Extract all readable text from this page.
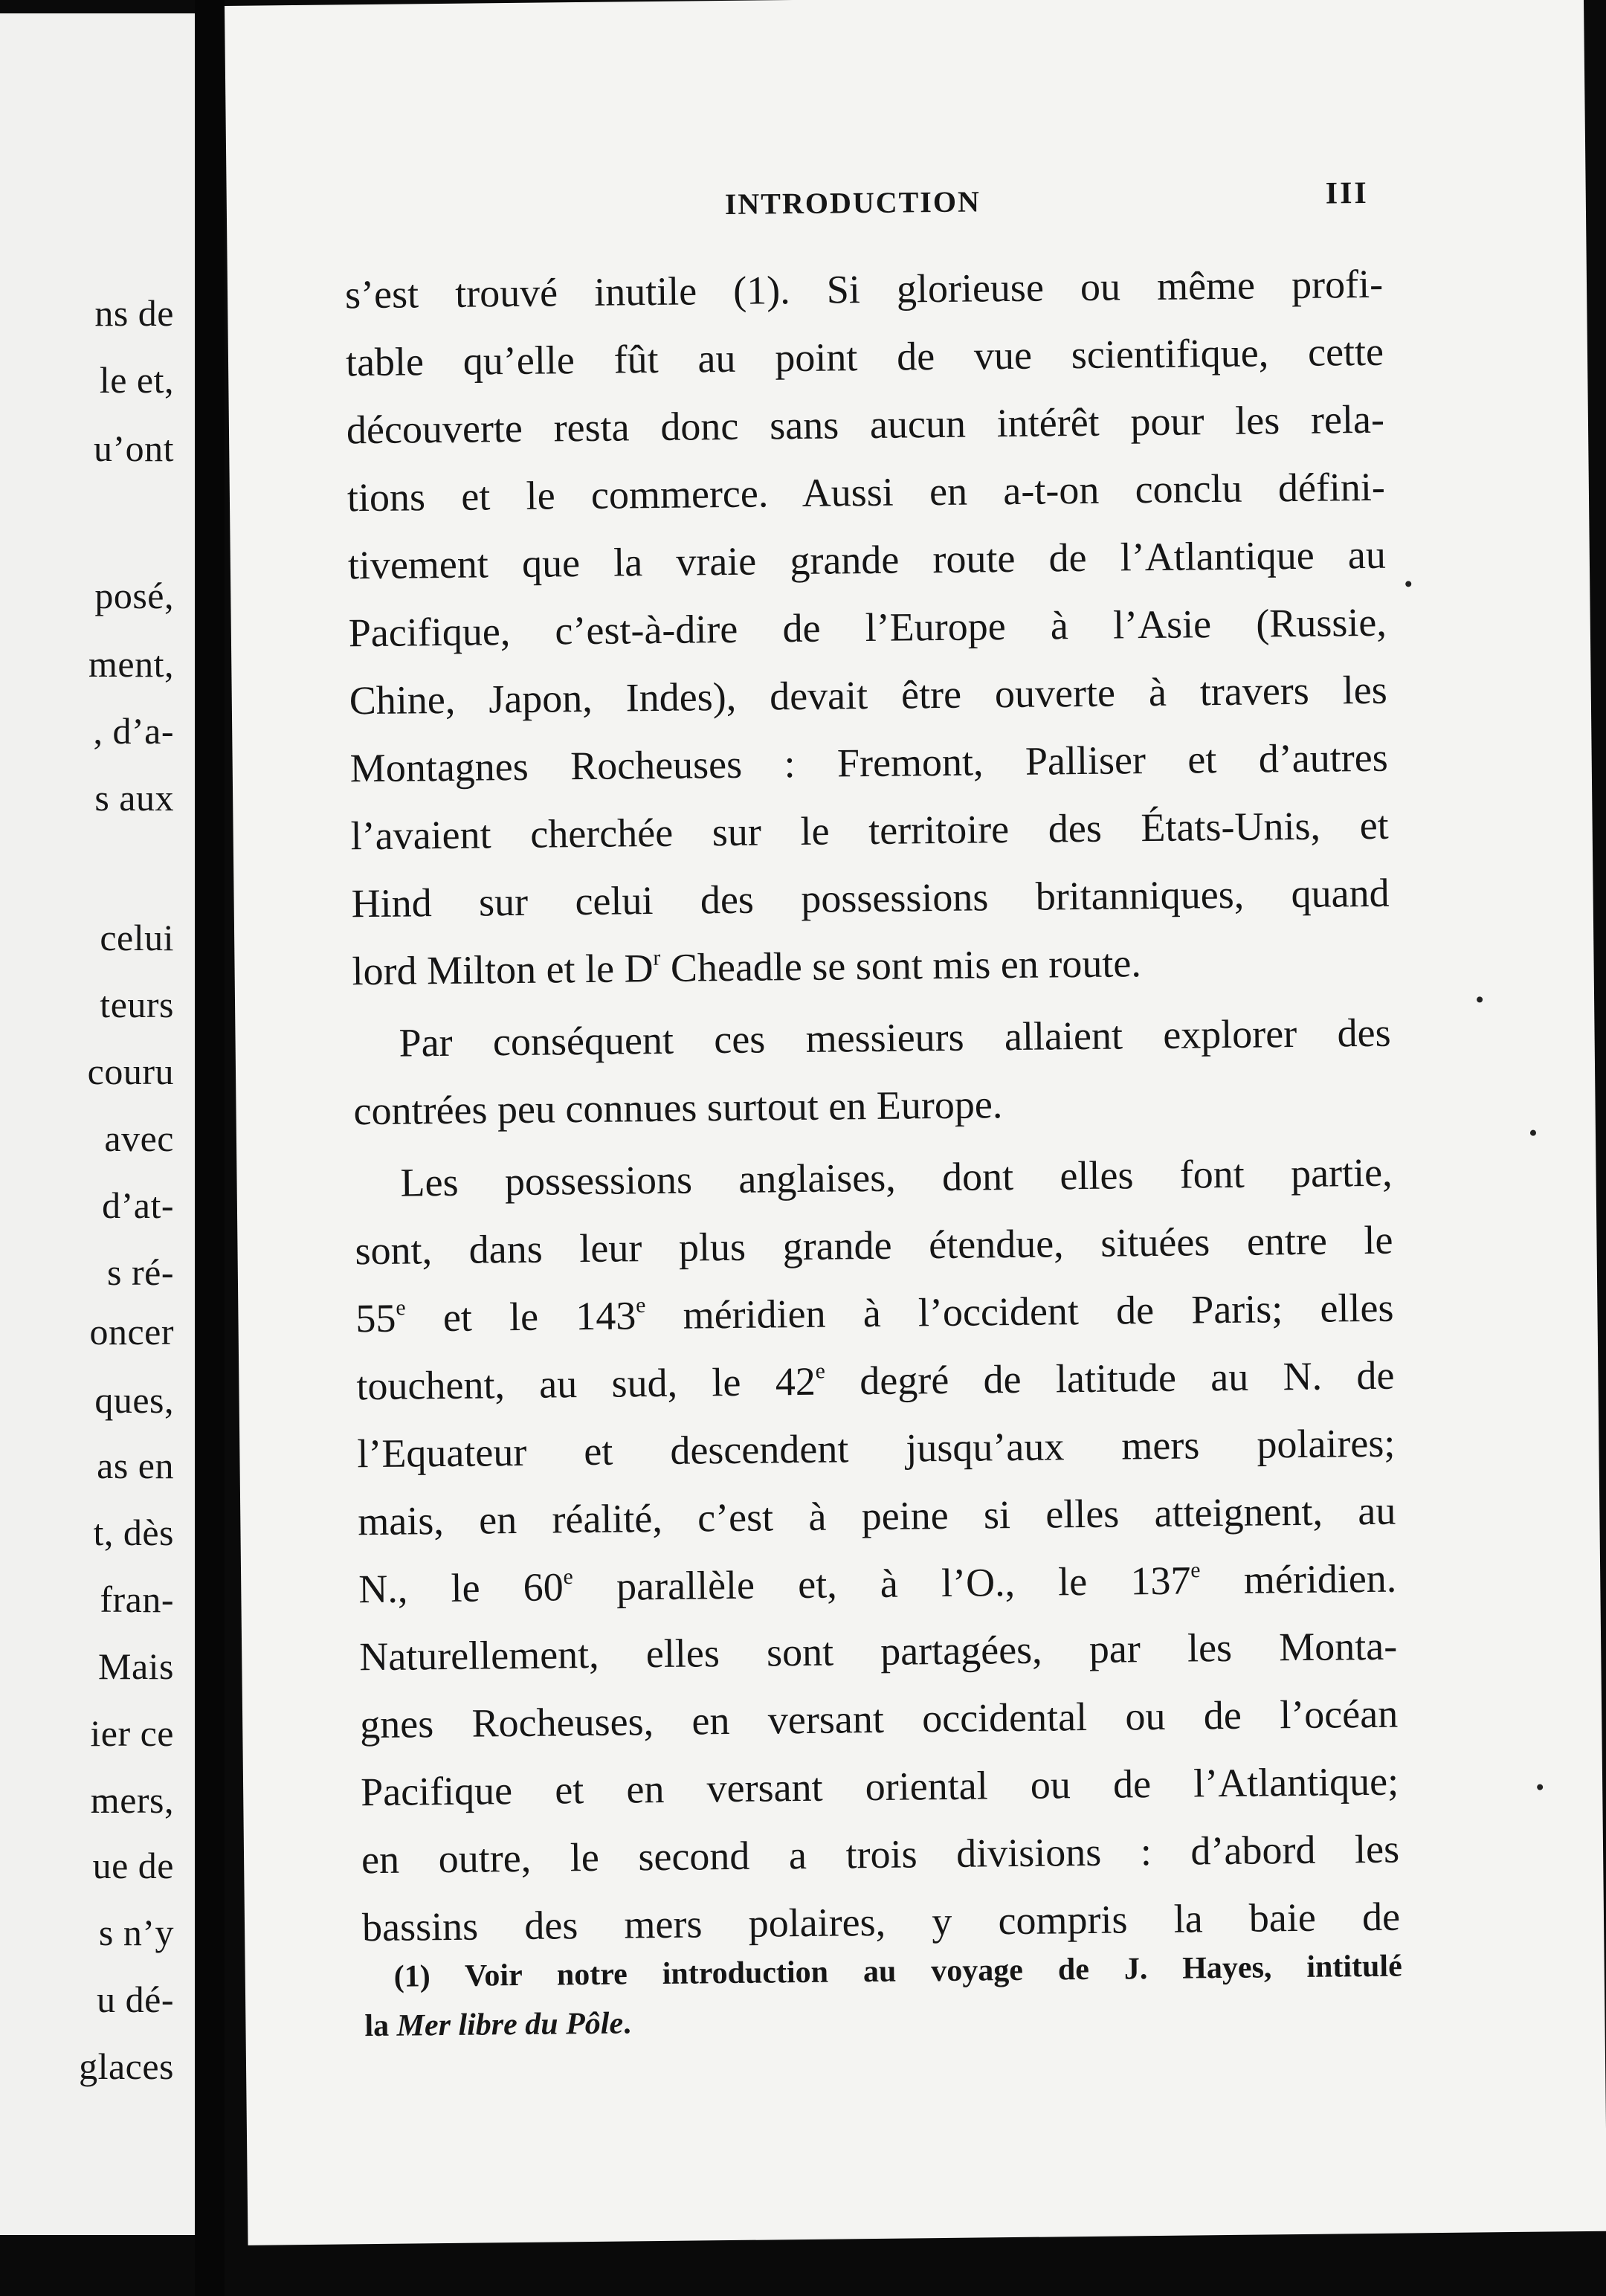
ns de
le et,
u’ont
posé,
ment,
, d’a-
s aux
celui
teurs
couru
avec
d’at-
s ré-
oncer
ques,
as en
t, dès
fran-
Mais
ier ce
mers,
ue de
s n’y
u dé-
glaces
INTRODUCTION	III
s’est trouvé inutile (1). Si glorieuse ou même profi-
table qu’elle fût au point de vue scientifique, cette
découverte resta donc sans aucun intérêt pour les rela-
tions et le commerce. Aussi en a-t-on conclu défini-
tivement que la vraie grande route de l’Atlantique au
Pacifique, c’est-à-dire de l’Europe à l’Asie (Russie,
Chine, Japon, Indes), devait être ouverte à travers les
Montagnes Rocheuses : Fremont, Palliser et d’autres
l’avaient cherchée sur le territoire des États-Unis, et
Hind sur celui des possessions britanniques, quand
lord Milton et le $D^r$ Cheadle se sont mis en route.
Par conséquent ces messieurs allaient explorer des
contrées peu connues surtout en Europe.
Les possessions anglaises, dont elles font partie,
sont, dans leur plus grande étendue, situées entre le
55e et le 143e méridien à l’occident de Paris; elles
touchent, au sud, le 42e degré de latitude au N. de
l’Equateur et descendent jusqu’aux mers polaires;
mais, en réalité, c’est à peine si elles atteignent, au
N., le 60e parallèle et, à l’O., le 137e méridien.
Naturellement, elles sont partagées, par les Monta-
gnes Rocheuses, en versant occidental ou de l’océan
Pacifique et en versant oriental ou de l’Atlantique;
en outre, le second a trois divisions : d’abord les
bassins des mers polaires, y compris la baie de
(1) Voir notre introduction au voyage de J. Hayes, intitulé
la Mer libre du Pôle.
